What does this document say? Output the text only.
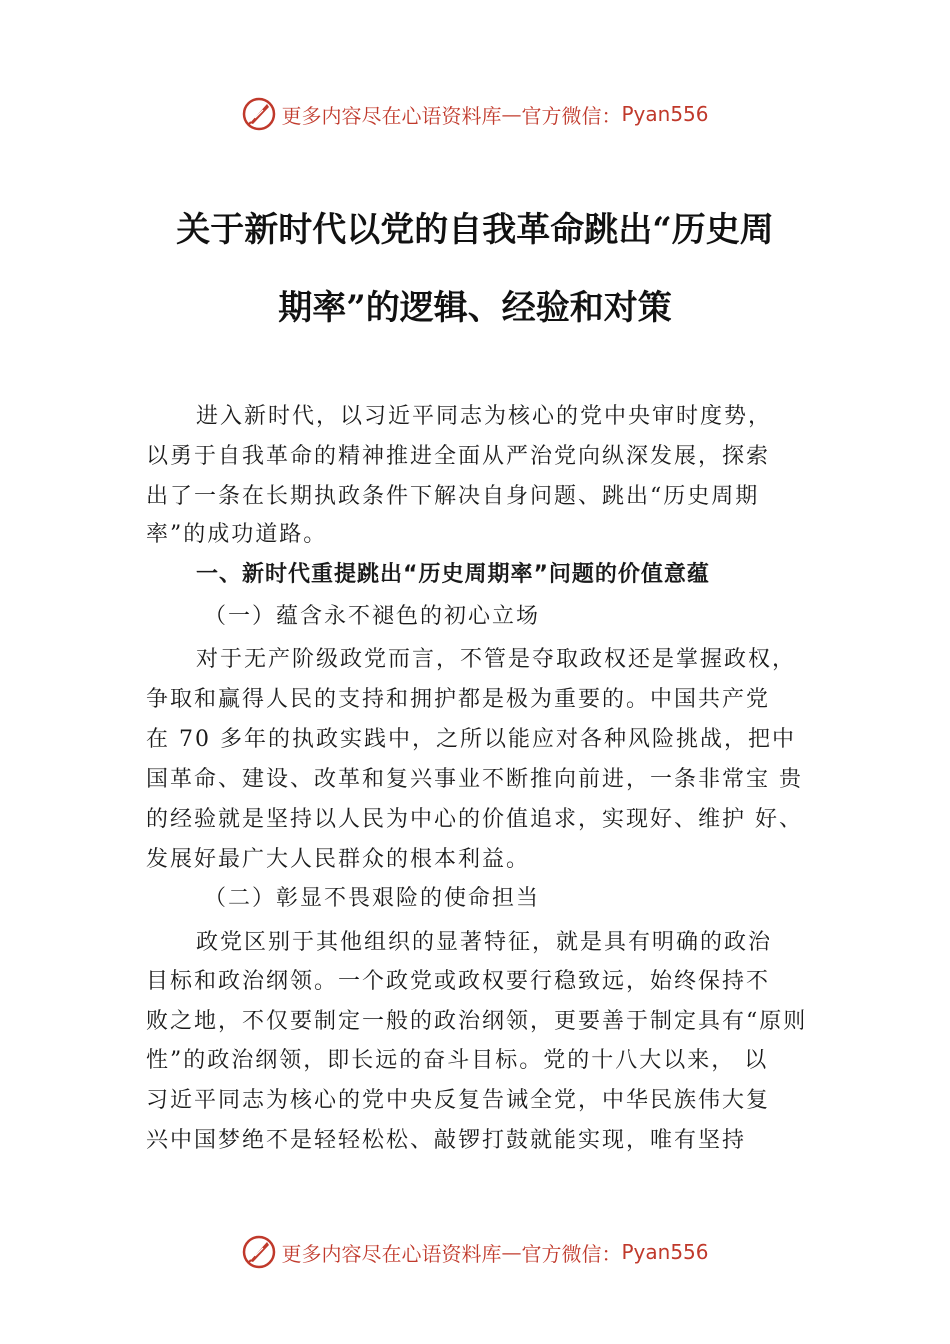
更多内容尽在心语资料库 — 官方微信： Pyan556
关于新时代以党的自我革命跳出“历史周
期率”的逻辑、经验和对策
进入新时代，以习近平同志为核心的党中央审时度势，
以勇于自我革命的精神推进全面从严治党向纵深发展，探索
出了一条在长期执政条件下解决自身问题、跳出“历史周期
率”的成功道路。
一、新时代重提跳出“历史周期率”问题的价值意蕴
（一）蕴含永不褪色的初心立场
对于无产阶级政党而言，不管是夺取政权还是掌握政权，
争取和赢得人民的支持和拥护都是极为重要的。中国共产党
在 70 多年的执政实践中，之所以能应对各种风险挑战，把中
国革命、建设、改革和复兴事业不断推向前进，一条非常宝 贵
的经验就是坚持以人民为中心的价值追求，实现好、维护 好、
发展好最广大人民群众的根本利益。
（二）彰显不畏艰险的使命担当
政党区别于其他组织的显著特征，就是具有明确的政治
目标和政治纲领。一个政党或政权要行稳致远，始终保持不
败之地，不仅要制定一般的政治纲领，更要善于制定具有“原则
性”的政治纲领，即长远的奋斗目标。党的十八大以来， 以
习近平同志为核心的党中央反复告诫全党，中华民族伟大复
兴中国梦绝不是轻轻松松、敲锣打鼓就能实现，唯有坚持
更多内容尽在心语资料库 — 官方微信： Pyan556
